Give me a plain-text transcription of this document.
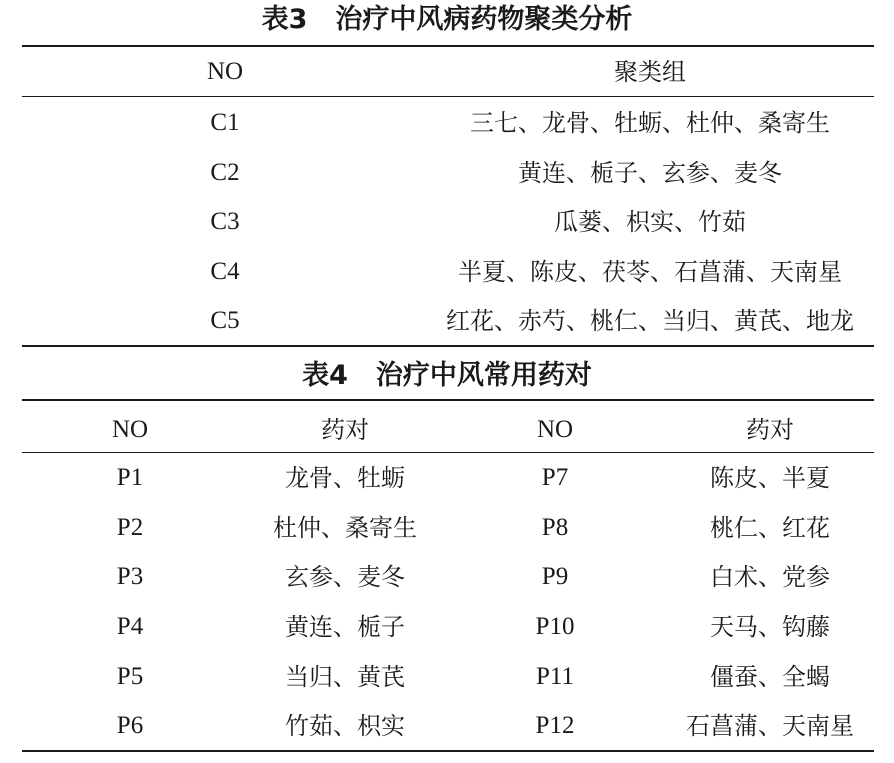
表3 治疗中风病药物聚类分析
NO	聚类组
C1	三七、龙骨、牡蛎、杜仲、桑寄生
C2	黄连、栀子、玄参、麦冬
C3	瓜蒌、枳实、竹茹
C4	半夏、陈皮、茯苓、石菖蒲、天南星
C5	红花、赤芍、桃仁、当归、黄芪、地龙
表4 治疗中风常用药对
NO	药对	NO	药对
P1	龙骨、牡蛎	P7	陈皮、半夏
P2	杜仲、桑寄生	P8	桃仁、红花
P3	玄参、麦冬	P9	白术、党参
P4	黄连、栀子	P10	天马、钩藤
P5	当归、黄芪	P11	僵蚕、全蝎
P6	竹茹、枳实	P12	石菖蒲、天南星
